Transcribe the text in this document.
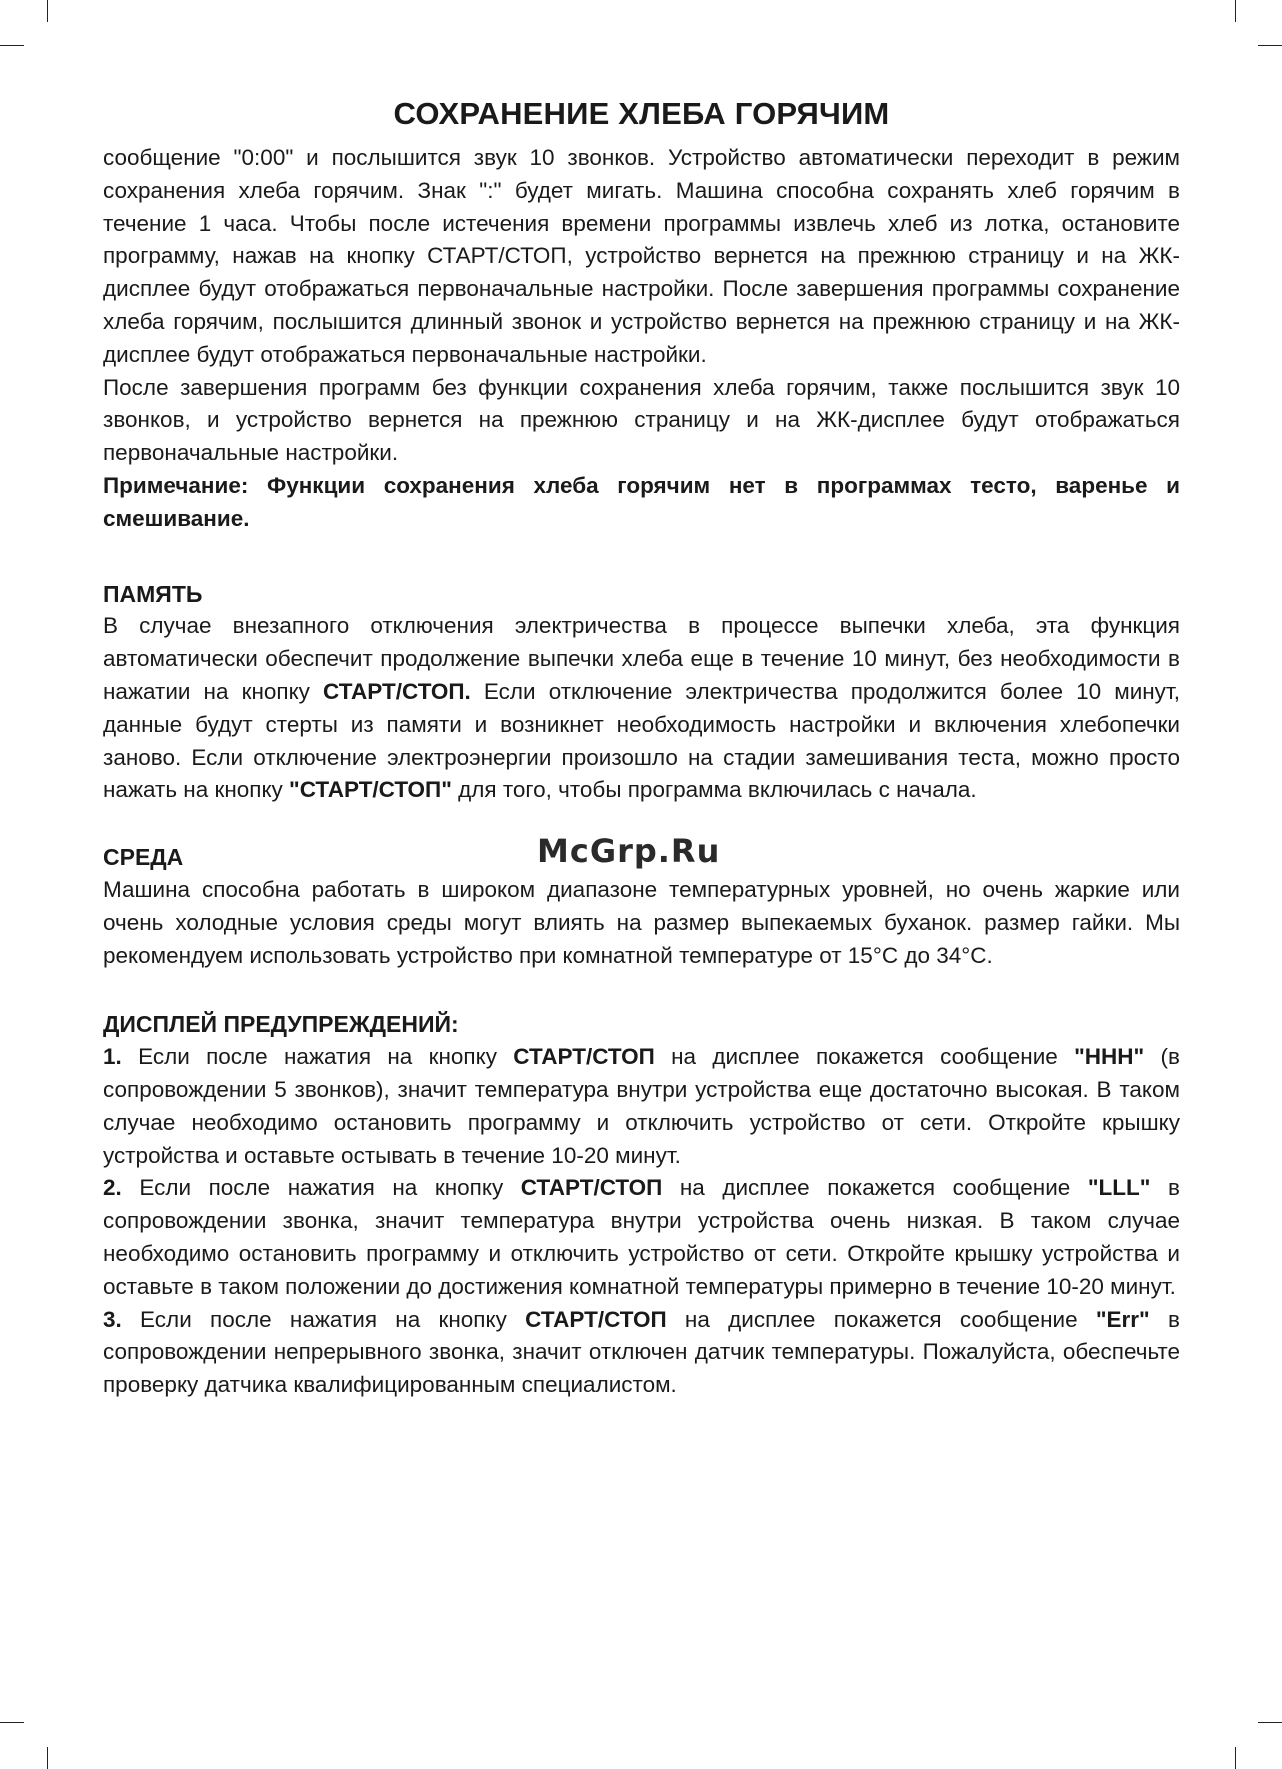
СОХРАНЕНИЕ ХЛЕБА ГОРЯЧИМ

сообщение "0:00" и послышится звук 10 звонков. Устройство автоматически переходит в режим сохранения хлеба горячим. Знак ":" будет мигать. Машина способна сохранять хлеб горячим в течение 1 часа. Чтобы после истечения времени программы извлечь хлеб из лотка, остановите программу, нажав на кнопку СТАРТ/СТОП, устройство вернется на прежнюю страницу и на ЖК-дисплее будут отображаться первоначальные настройки. После завершения программы сохранение хлеба горячим, послышится длинный звонок и устройство вернется на прежнюю страницу и на ЖК-дисплее будут отображаться первоначальные настройки.

После завершения программ без функции сохранения хлеба горячим, также послышится звук 10 звонков, и устройство вернется на прежнюю страницу и на ЖК-дисплее будут отображаться первоначальные настройки.

Примечание: Функции сохранения хлеба горячим нет в программах тесто, варенье и смешивание.

ПАМЯТЬ

В случае внезапного отключения электричества в процессе выпечки хлеба, эта функция автоматически обеспечит продолжение выпечки хлеба еще в течение 10 минут, без необходимости в нажатии на кнопку СТАРТ/СТОП. Если отключение электричества продолжится более 10 минут, данные будут стерты из памяти и возникнет необходимость настройки и включения хлебопечки заново. Если отключение электроэнергии произошло на стадии замешивания теста, можно просто нажать на кнопку "СТАРТ/СТОП" для того, чтобы программа включилась с начала.

СРЕДА

Машина способна работать в широком диапазоне температурных уровней, но очень жаркие или очень холодные условия среды могут влиять на размер выпекаемых буханок. размер гайки. Мы рекомендуем использовать устройство при комнатной температуре от 15°С до 34°С.

ДИСПЛЕЙ ПРЕДУПРЕЖДЕНИЙ:

1. Если после нажатия на кнопку СТАРТ/СТОП на дисплее покажется сообщение "HHH" (в сопровождении 5 звонков), значит температура внутри устройства еще достаточно высокая. В таком случае необходимо остановить программу и отключить устройство от сети. Откройте крышку устройства и оставьте остывать в течение 10-20 минут.

2. Если после нажатия на кнопку СТАРТ/СТОП на дисплее покажется сообщение "LLL" в сопровождении звонка, значит температура внутри устройства очень низкая. В таком случае необходимо остановить программу и отключить устройство от сети. Откройте крышку устройства и оставьте в таком положении до достижения комнатной температуры примерно в течение 10-20 минут.

3. Если после нажатия на кнопку СТАРТ/СТОП на дисплее покажется сообщение "Err" в сопровождении непрерывного звонка, значит отключен датчик температуры. Пожалуйста, обеспечьте проверку датчика квалифицированным специалистом.

McGrp.Ru
